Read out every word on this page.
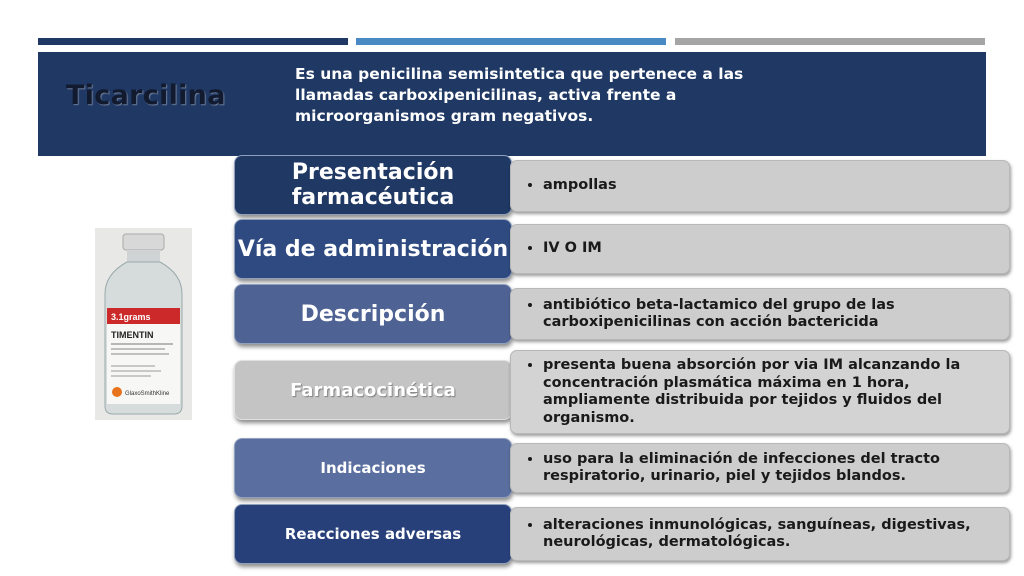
Ticarcilina
Es una penicilina semisintetica que pertenece a las llamadas carboxipenicilinas, activa frente a microorganismos gram negativos.
3.1grams
TIMENTIN
GlaxoSmithKline
Presentación farmacéutica	• ampollas
Vía de administración • IV O IM
Descripción	• antibiótico beta-lactamico del grupo de las carboxipenicilinas con acción bactericida
Farmacocinética
• presenta buena absorción por via IM alcanzando la concentración plasmática máxima en 1 hora, ampliamente distribuida por tejidos y fluidos del organismo.
Indicaciones
• uso para la eliminación de infecciones del tracto respiratorio, urinario, piel y tejidos blandos.
Reacciones adversas
• alteraciones inmunológicas, sanguíneas, digestivas, neurológicas, dermatológicas.
